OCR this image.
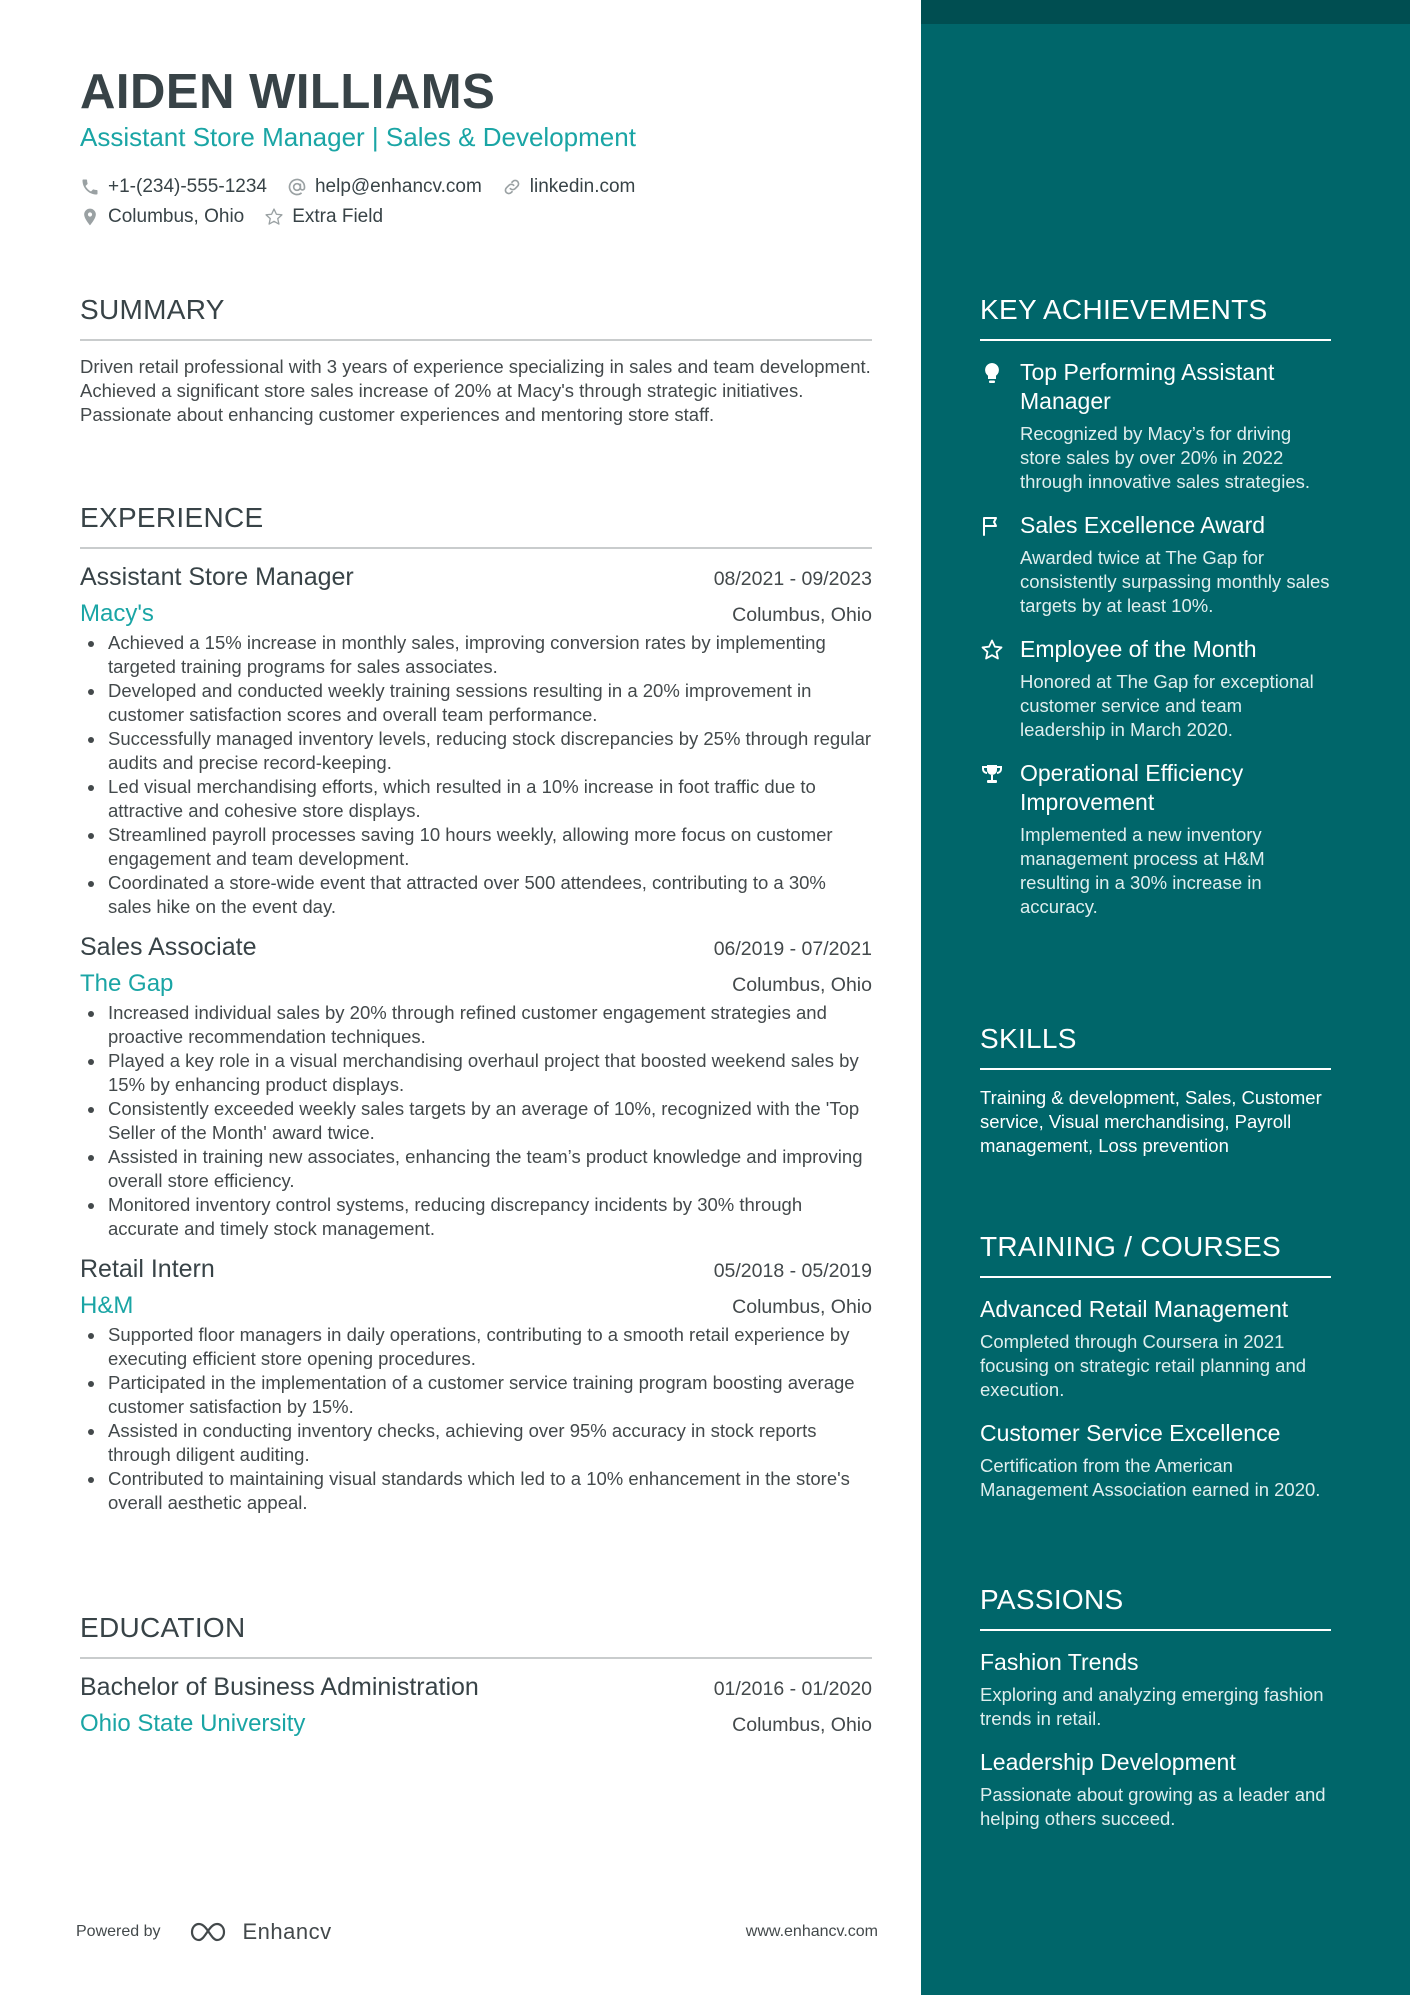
AIDEN WILLIAMS
Assistant Store Manager | Sales & Development
+1-(234)-555-1234	help@enhancv.com	linkedin.com
Columbus, Ohio	Extra Field
SUMMARY

Driven retail professional with 3 years of experience specializing in sales and team development. Achieved a significant store sales increase of 20% at Macy's through strategic initiatives. Passionate about enhancing customer experiences and mentoring store staff.

EXPERIENCE
Assistant Store Manager	08/2021 - 09/2023
Macy's	Columbus, Ohio
Achieved a 15% increase in monthly sales, improving conversion rates by implementing targeted training programs for sales associates.
Developed and conducted weekly training sessions resulting in a 20% improvement in customer satisfaction scores and overall team performance.
Successfully managed inventory levels, reducing stock discrepancies by 25% through regular audits and precise record-keeping.
Led visual merchandising efforts, which resulted in a 10% increase in foot traffic due to attractive and cohesive store displays.
Streamlined payroll processes saving 10 hours weekly, allowing more focus on customer engagement and team development.
Coordinated a store-wide event that attracted over 500 attendees, contributing to a 30% sales hike on the event day.
Sales Associate	06/2019 - 07/2021
The Gap	Columbus, Ohio
Increased individual sales by 20% through refined customer engagement strategies and proactive recommendation techniques.
Played a key role in a visual merchandising overhaul project that boosted weekend sales by 15% by enhancing product displays.
Consistently exceeded weekly sales targets by an average of 10%, recognized with the 'Top Seller of the Month' award twice.
Assisted in training new associates, enhancing the team’s product knowledge and improving overall store efficiency.
Monitored inventory control systems, reducing discrepancy incidents by 30% through accurate and timely stock management.
Retail Intern	05/2018 - 05/2019
H&M	Columbus, Ohio
Supported floor managers in daily operations, contributing to a smooth retail experience by executing efficient store opening procedures.
Participated in the implementation of a customer service training program boosting average customer satisfaction by 15%.
Assisted in conducting inventory checks, achieving over 95% accuracy in stock reports through diligent auditing.
Contributed to maintaining visual standards which led to a 10% enhancement in the store's overall aesthetic appeal.
EDUCATION
Bachelor of Business Administration	01/2016 - 01/2020
Ohio State University	Columbus, Ohio
Powered by	Enhancv	www.enhancv.com
KEY ACHIEVEMENTS
Top Performing Assistant Manager
Recognized by Macy’s for driving store sales by over 20% in 2022 through innovative sales strategies.
Sales Excellence Award
Awarded twice at The Gap for consistently surpassing monthly sales targets by at least 10%.
Employee of the Month
Honored at The Gap for exceptional customer service and team leadership in March 2020.
Operational Efficiency Improvement
Implemented a new inventory management process at H&M resulting in a 30% increase in accuracy.
SKILLS
Training & development, Sales, Customer service, Visual merchandising, Payroll management, Loss prevention
TRAINING / COURSES
Advanced Retail Management
Completed through Coursera in 2021 focusing on strategic retail planning and execution.
Customer Service Excellence
Certification from the American Management Association earned in 2020.
PASSIONS
Fashion Trends
Exploring and analyzing emerging fashion trends in retail.
Leadership Development
Passionate about growing as a leader and helping others succeed.
